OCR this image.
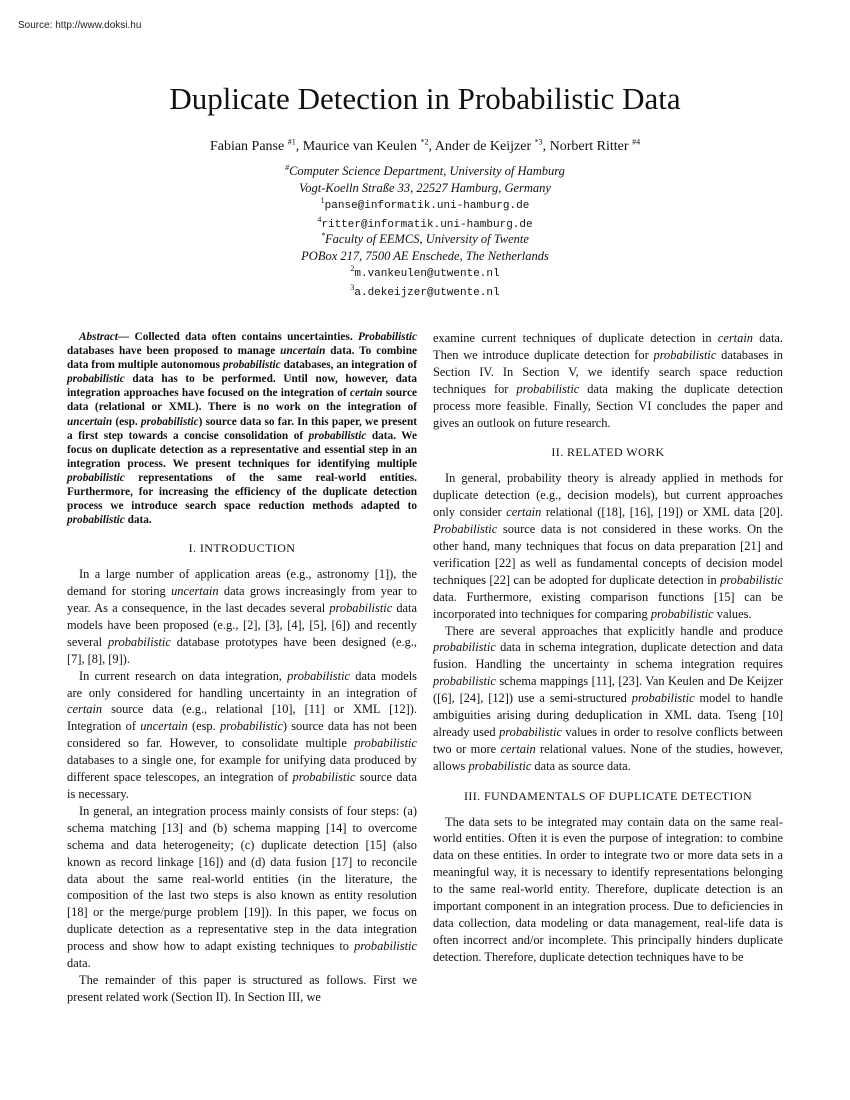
Source: http://www.doksi.hu
Duplicate Detection in Probabilistic Data
Fabian Panse $^{\#1}$, Maurice van Keulen $^{*2}$, Ander de Keijzer $^{*3}$, Norbert Ritter $^{\#4}$
#Computer Science Department, University of Hamburg
Vogt-Koelln Straße 33, 22527 Hamburg, Germany
$^1$panse@informatik.uni-hamburg.de
$^4$ritter@informatik.uni-hamburg.de
*Faculty of EEMCS, University of Twente
POBox 217, 7500 AE Enschede, The Netherlands
$^2$m.vankeulen@utwente.nl
$^3$a.dekeijzer@utwente.nl

Abstract— Collected data often contains uncertainties. Probabilistic databases have been proposed to manage uncertain data. To combine data from multiple autonomous probabilistic databases, an integration of probabilistic data has to be performed. Until now, however, data integration approaches have focused on the integration of certain source data (relational or XML). There is no work on the integration of uncertain (esp. probabilistic) source data so far. In this paper, we present a first step towards a concise consolidation of probabilistic data. We focus on duplicate detection as a representative and essential step in an integration process. We present techniques for identifying multiple probabilistic representations of the same real-world entities. Furthermore, for increasing the efficiency of the duplicate detection process we introduce search space reduction methods adapted to probabilistic data.

I. INTRODUCTION

In a large number of application areas (e.g., astronomy [1]), the demand for storing uncertain data grows increasingly from year to year. As a consequence, in the last decades several probabilistic data models have been proposed (e.g., [2], [3], [4], [5], [6]) and recently several probabilistic database prototypes have been designed (e.g., [7], [8], [9]).

In current research on data integration, probabilistic data models are only considered for handling uncertainty in an integration of certain source data (e.g., relational [10], [11] or XML [12]). Integration of uncertain (esp. probabilistic) source data has not been considered so far. However, to consolidate multiple probabilistic databases to a single one, for example for unifying data produced by different space telescopes, an integration of probabilistic source data is necessary.

In general, an integration process mainly consists of four steps: (a) schema matching [13] and (b) schema mapping [14] to overcome schema and data heterogeneity; (c) duplicate detection [15] (also known as record linkage [16]) and (d) data fusion [17] to reconcile data about the same real-world entities (in the literature, the composition of the last two steps is also known as entity resolution [18] or the merge/purge problem [19]). In this paper, we focus on duplicate detection as a representative step in the data integration process and show how to adapt existing techniques to probabilistic data.

The remainder of this paper is structured as follows. First we present related work (Section II). In Section III, we

examine current techniques of duplicate detection in certain data. Then we introduce duplicate detection for probabilistic databases in Section IV. In Section V, we identify search space reduction techniques for probabilistic data making the duplicate detection process more feasible. Finally, Section VI concludes the paper and gives an outlook on future research.

II. RELATED WORK

In general, probability theory is already applied in methods for duplicate detection (e.g., decision models), but current approaches only consider certain relational ([18], [16], [19]) or XML data [20]. Probabilistic source data is not considered in these works. On the other hand, many techniques that focus on data preparation [21] and verification [22] as well as fundamental concepts of decision model techniques [22] can be adopted for duplicate detection in probabilistic data. Furthermore, existing comparison functions [15] can be incorporated into techniques for comparing probabilistic values.

There are several approaches that explicitly handle and produce probabilistic data in schema integration, duplicate detection and data fusion. Handling the uncertainty in schema integration requires probabilistic schema mappings [11], [23]. Van Keulen and De Keijzer ([6], [24], [12]) use a semi-structured probabilistic model to handle ambiguities arising during deduplication in XML data. Tseng [10] already used probabilistic values in order to resolve conflicts between two or more certain relational values. None of the studies, however, allows probabilistic data as source data.

III. FUNDAMENTALS OF DUPLICATE DETECTION

The data sets to be integrated may contain data on the same real-world entities. Often it is even the purpose of integration: to combine data on these entities. In order to integrate two or more data sets in a meaningful way, it is necessary to identify representations belonging to the same real-world entity. Therefore, duplicate detection is an important component in an integration process. Due to deficiencies in data collection, data modeling or data management, real-life data is often incorrect and/or incomplete. This principally hinders duplicate detection. Therefore, duplicate detection techniques have to be
